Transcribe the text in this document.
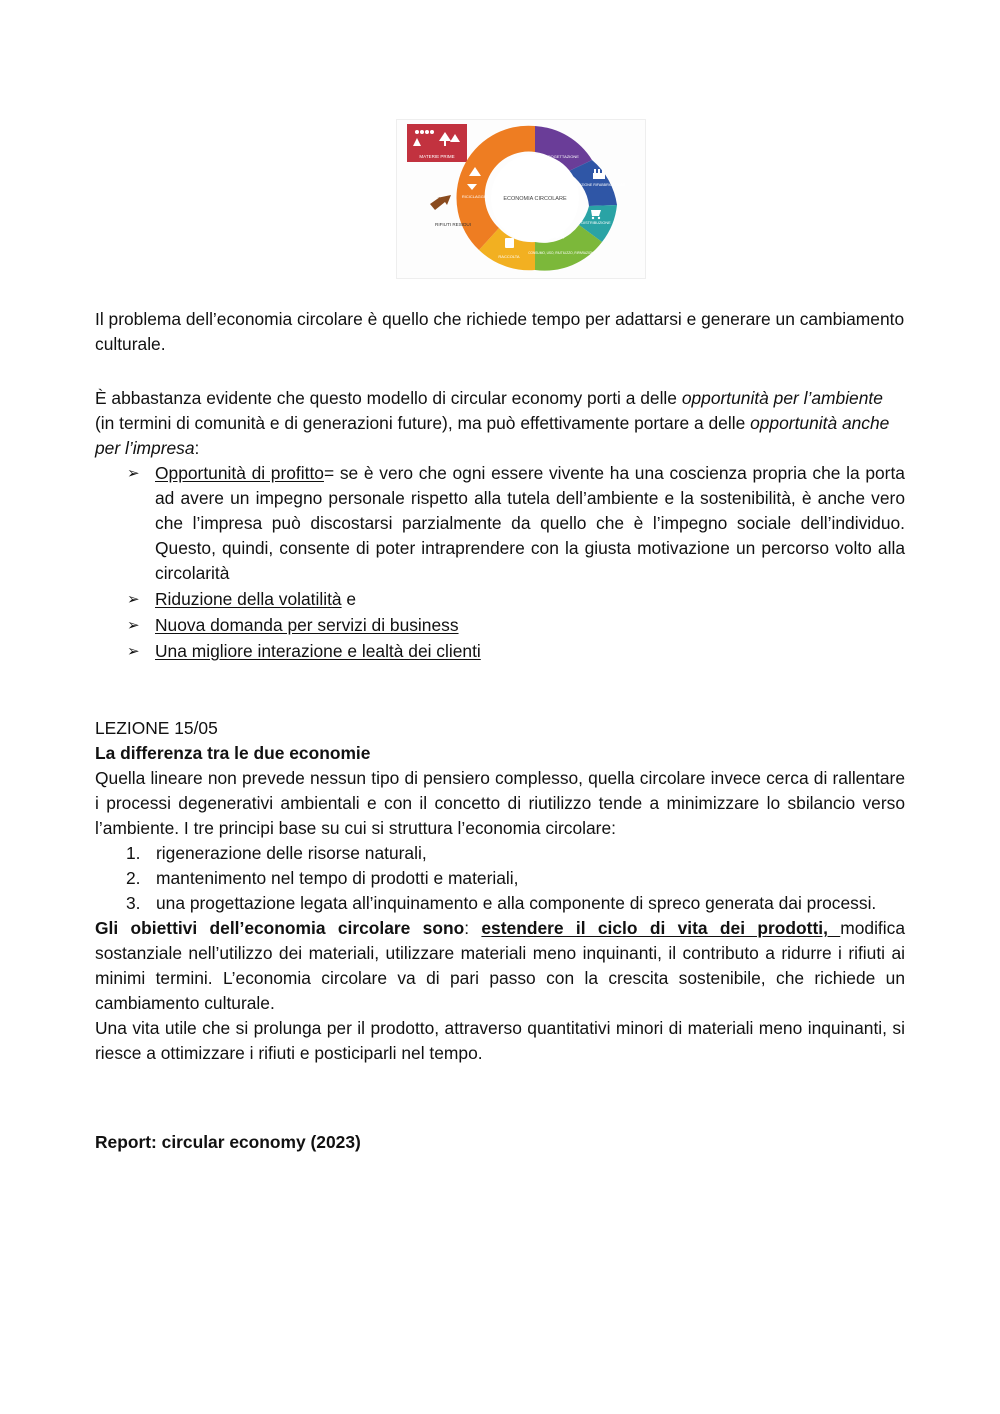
MATERIE PRIME
ECONOMIA CIRCOLARE
PROGETTAZIONE
PRODUZIONE RIFABBRICAZIONE
DISTRIBUZIONE
CONSUMO, USO, RIUTILIZZO, RIPARAZIONE
RACCOLTA
RICICLAGGIO
RIFIUTI RESIDUI

Il problema dell’economia circolare è quello che richiede tempo per adattarsi e generare un cambiamento culturale.

È abbastanza evidente che questo modello di circular economy porti a delle opportunità per l’ambiente (in termini di comunità e di generazioni future), ma può effettivamente portare a delle opportunità anche per l’impresa:

➢ Opportunità di profitto= se è vero che ogni essere vivente ha una coscienza propria che la porta ad avere un impegno personale rispetto alla tutela dell’ambiente e la sostenibilità, è anche vero che l’impresa può discostarsi parzialmente da quello che è l’impegno sociale dell’individuo. Questo, quindi, consente di poter intraprendere con la giusta motivazione un percorso volto alla circolarità
➢ Riduzione della volatilità e
➢ Nuova domanda per servizi di business
➢ Una migliore interazione e lealtà dei clienti

LEZIONE 15/05

La differenza tra le due economie

Quella lineare non prevede nessun tipo di pensiero complesso, quella circolare invece cerca di rallentare i processi degenerativi ambientali e con il concetto di riutilizzo tende a minimizzare lo sbilancio verso l’ambiente. I tre principi base su cui si struttura l’economia circolare:

1. rigenerazione delle risorse naturali,
2. mantenimento nel tempo di prodotti e materiali,
3. una progettazione legata all’inquinamento e alla componente di spreco generata dai processi.

Gli obiettivi dell’economia circolare sono: estendere il ciclo di vita dei prodotti, modifica sostanziale nell’utilizzo dei materiali, utilizzare materiali meno inquinanti, il contributo a ridurre i rifiuti ai minimi termini. L’economia circolare va di pari passo con la crescita sostenibile, che richiede un cambiamento culturale.

Una vita utile che si prolunga per il prodotto, attraverso quantitativi minori di materiali meno inquinanti, si riesce a ottimizzare i rifiuti e posticiparli nel tempo.

Report: circular economy (2023)
